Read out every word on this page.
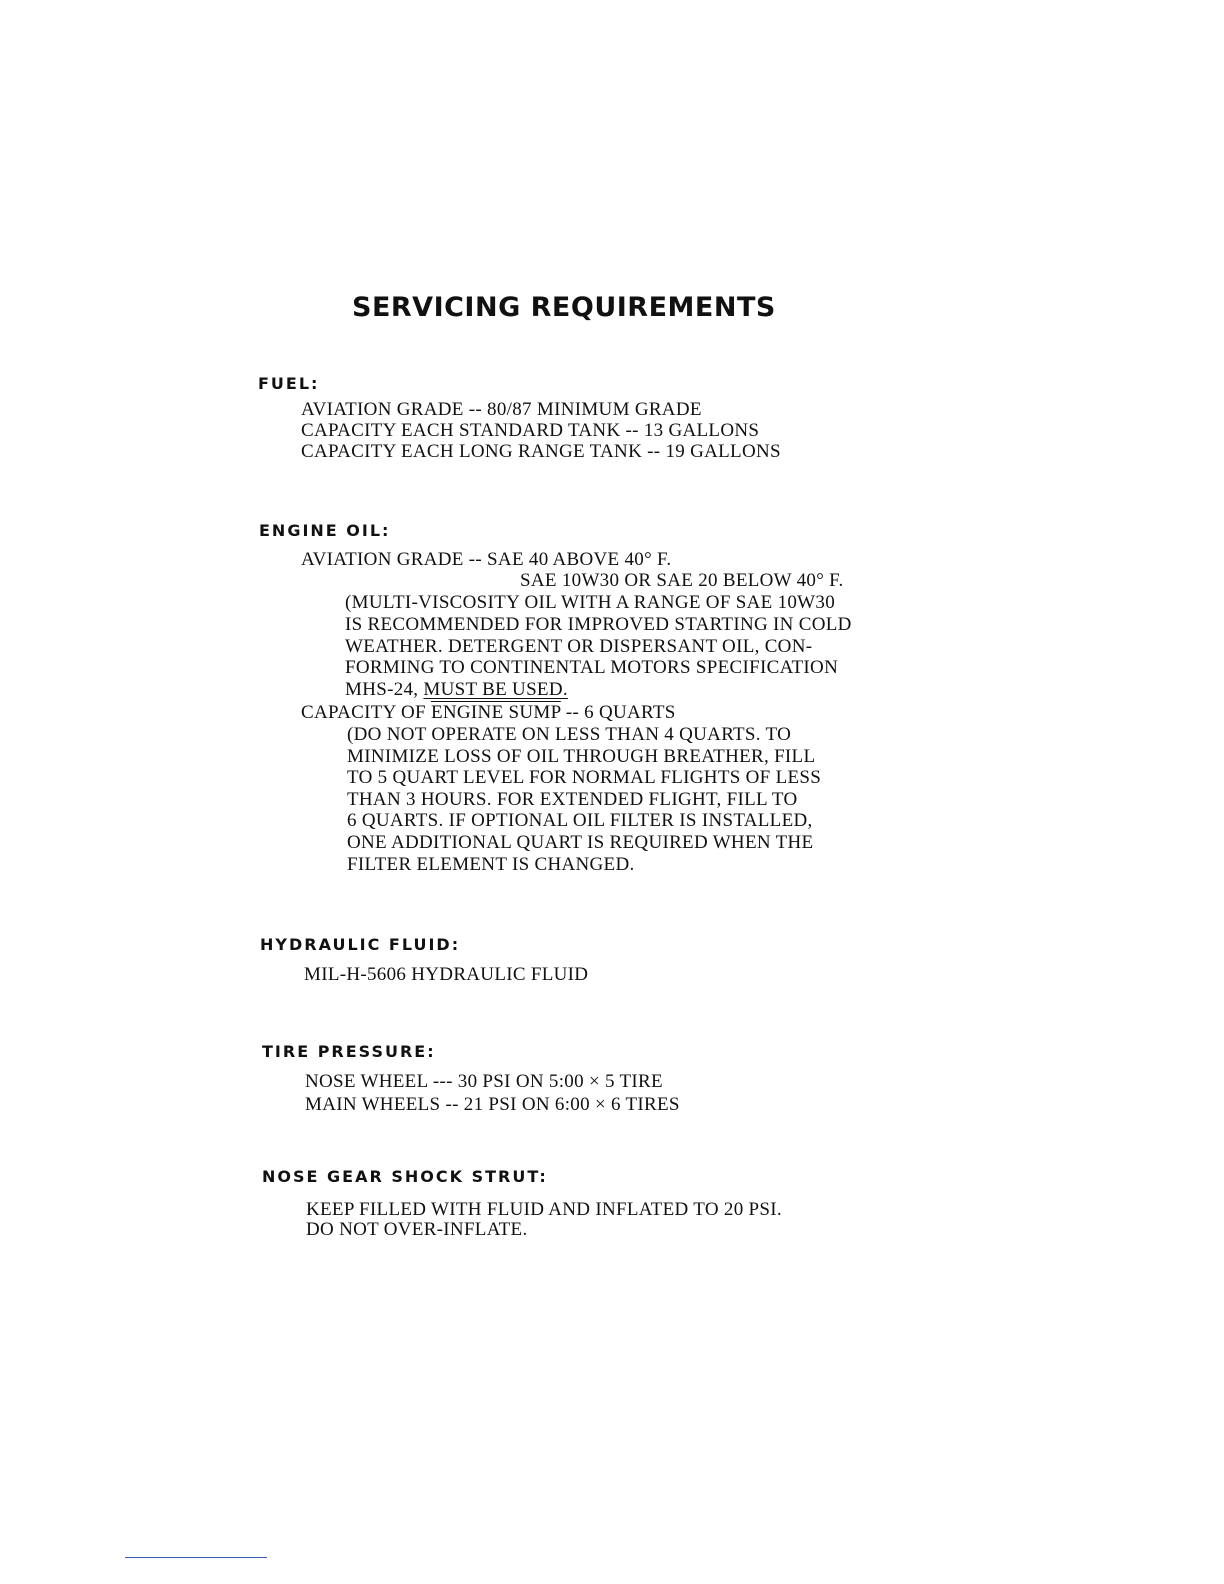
SERVICING REQUIREMENTS
FUEL:

AVIATION GRADE -- 80/87 MINIMUM GRADE

CAPACITY EACH STANDARD TANK -- 13 GALLONS

CAPACITY EACH LONG RANGE TANK -- 19 GALLONS

ENGINE OIL:

AVIATION GRADE -- SAE 40 ABOVE 40° F.

SAE 10W30 OR SAE 20 BELOW 40° F.

(MULTI-VISCOSITY OIL WITH A RANGE OF SAE 10W30

IS RECOMMENDED FOR IMPROVED STARTING IN COLD

WEATHER. DETERGENT OR DISPERSANT OIL, CON-

FORMING TO CONTINENTAL MOTORS SPECIFICATION

MHS-24, MUST BE USED.

CAPACITY OF ENGINE SUMP -- 6 QUARTS

(DO NOT OPERATE ON LESS THAN 4 QUARTS. TO

MINIMIZE LOSS OF OIL THROUGH BREATHER, FILL

TO 5 QUART LEVEL FOR NORMAL FLIGHTS OF LESS

THAN 3 HOURS. FOR EXTENDED FLIGHT, FILL TO

6 QUARTS. IF OPTIONAL OIL FILTER IS INSTALLED,

ONE ADDITIONAL QUART IS REQUIRED WHEN THE

FILTER ELEMENT IS CHANGED.

HYDRAULIC FLUID:

MIL-H-5606 HYDRAULIC FLUID

TIRE PRESSURE:

NOSE WHEEL --- 30 PSI ON 5:00 × 5 TIRE

MAIN WHEELS -- 21 PSI ON 6:00 × 6 TIRES

NOSE GEAR SHOCK STRUT:

KEEP FILLED WITH FLUID AND INFLATED TO 20 PSI.

DO NOT OVER-INFLATE.
